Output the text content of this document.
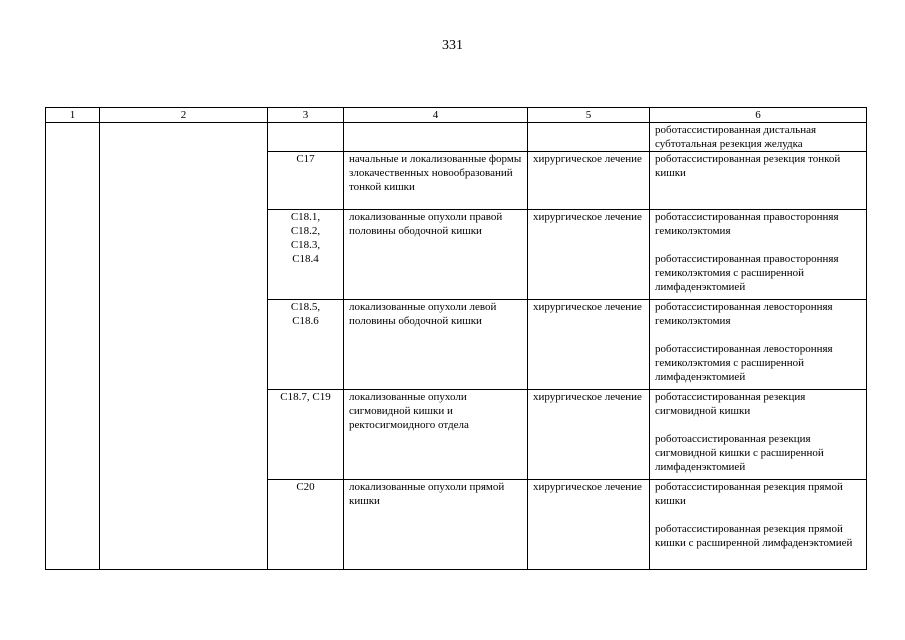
331
1	2	3	4	5	6

					роботассистированная дистальная субтотальная резекция желудка

		C17	начальные и локализованные формы злокачественных новообразований тонкой кишки	хирургическое лечение	роботассистированная резекция тонкой кишки

		C18.1,
C18.2,
C18.3,
C18.4	локализованные опухоли правой половины ободочной кишки	хирургическое лечение	роботассистированная правосторонняя гемиколэктомия
роботассистированная правосторонняя гемиколэктомия с расширенной лимфаденэктомией

		C18.5,
C18.6	локализованные опухоли левой половины ободочной кишки	хирургическое лечение	роботассистированная левосторонняя гемиколэктомия
роботассистированная левосторонняя гемиколэктомия с расширенной лимфаденэктомией

		C18.7, C19	локализованные опухоли сигмовидной кишки и ректосигмоидного отдела	хирургическое лечение	роботассистированная резекция сигмовидной кишки
роботоассистированная резекция сигмовидной кишки с расширенной лимфаденэктомией

		C20	локализованные опухоли прямой кишки	хирургическое лечение	роботассистированная резекция прямой кишки
роботассистированная резекция прямой кишки с расширенной лимфаденэктомией
